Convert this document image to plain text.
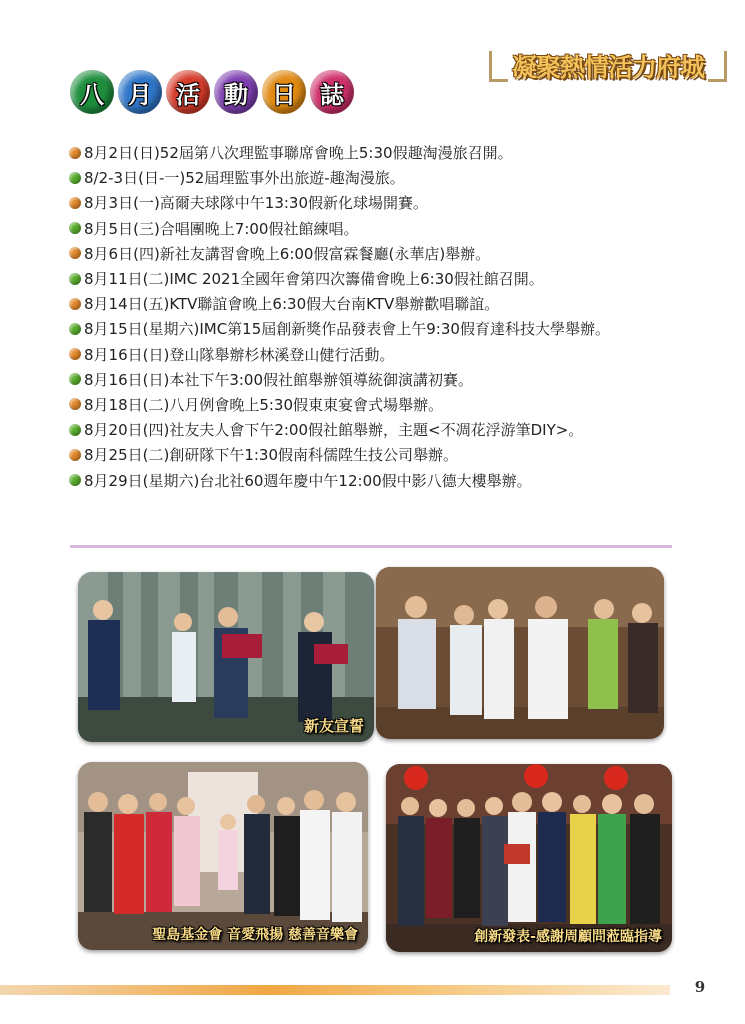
八	月	活	動	日	誌
凝聚熱情活力府城
8月2日(日)52屆第八次理監事聯席會晚上5:30假趣淘漫旅召開。
8/2-3日(日-一)52屆理監事外出旅遊-趣淘漫旅。
8月3日(一)高爾夫球隊中午13:30假新化球場開賽。
8月5日(三)合唱團晚上7:00假社館練唱。
8月6日(四)新社友講習會晚上6:00假富霖餐廳(永華店)舉辦。
8月11日(二)IMC 2021全國年會第四次籌備會晚上6:30假社館召開。
8月14日(五)KTV聯誼會晚上6:30假大台南KTV舉辦歡唱聯誼。
8月15日(星期六)IMC第15屆創新獎作品發表會上午9:30假育達科技大學舉辦。
8月16日(日)登山隊舉辦杉林溪登山健行活動。
8月16日(日)本社下午3:00假社館舉辦領導統御演講初賽。
8月18日(二)八月例會晚上5:30假東東宴會式場舉辦。
8月20日(四)社友夫人會下午2:00假社館舉辦，主題<不凋花浮游筆DIY>。
8月25日(二)創研隊下午1:30假南科儒陞生技公司舉辦。
8月29日(星期六)台北社60週年慶中午12:00假中影八德大樓舉辦。
新友宣誓
聖島基金會 音愛飛揚 慈善音樂會	創新發表-感謝周顧問蒞臨指導
9
